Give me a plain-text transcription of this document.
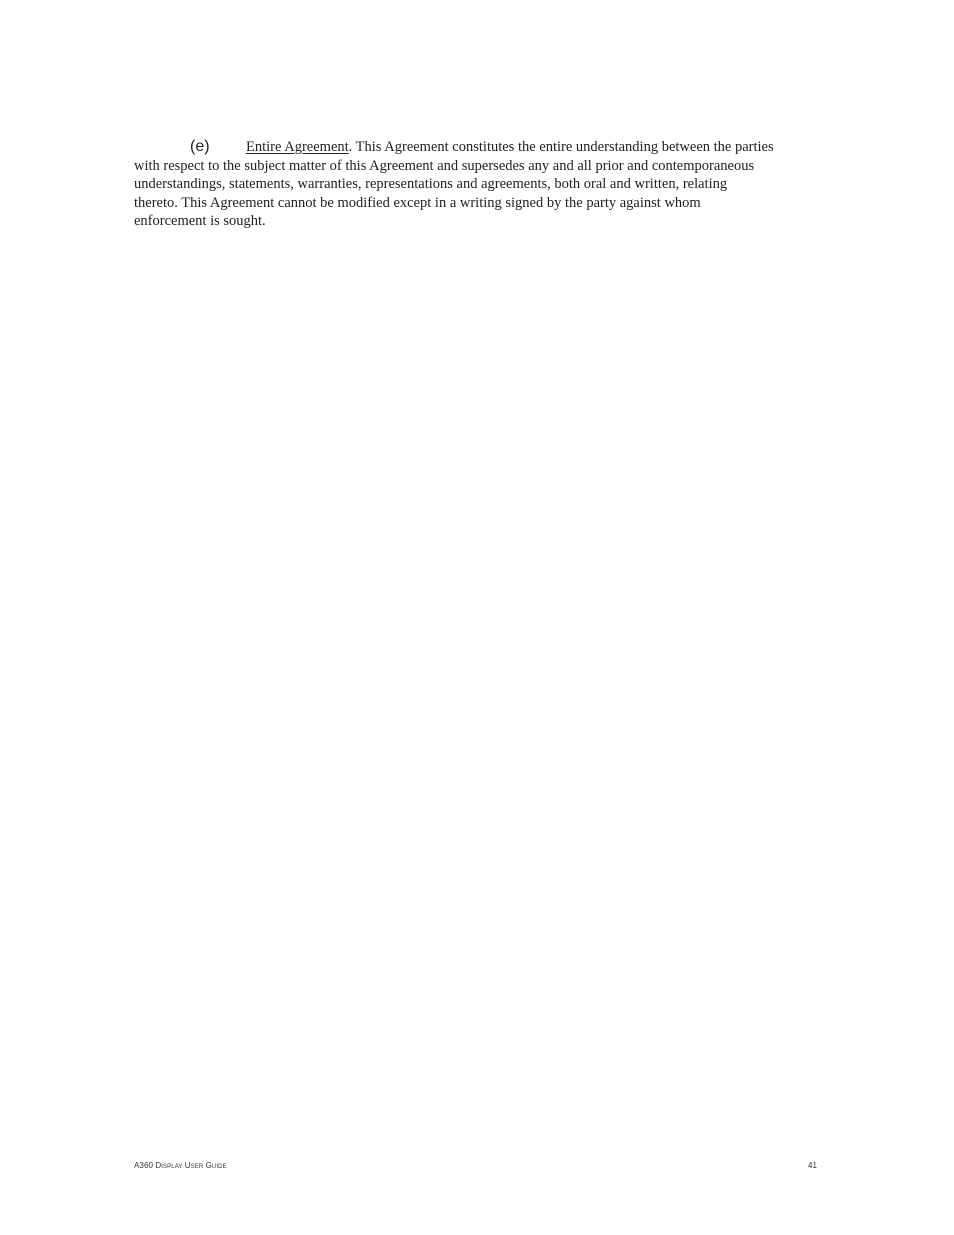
(e)	Entire Agreement. This Agreement constitutes the entire understanding between the parties
with respect to the subject matter of this Agreement and supersedes any and all prior and contemporaneous
understandings, statements, warranties, representations and agreements, both oral and written, relating
thereto. This Agreement cannot be modified except in a writing signed by the party against whom
enforcement is sought.
A360 Display User Guide	41
